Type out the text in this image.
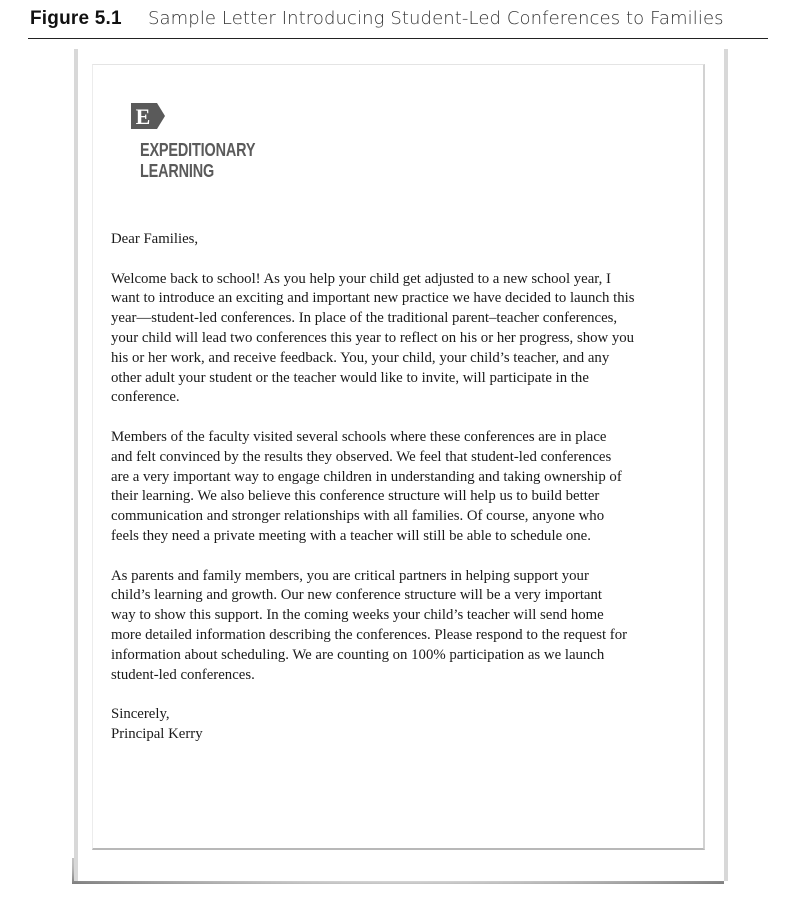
Figure 5.1 Sample Letter Introducing Student-Led Conferences to Families
E
EXPEDITIONARY
LEARNING

Dear Families,

Welcome back to school! As you help your child get adjusted to a new school year, I
want to introduce an exciting and important new practice we have decided to launch this
year—student-led conferences. In place of the traditional parent–teacher conferences,
your child will lead two conferences this year to reflect on his or her progress, show you
his or her work, and receive feedback. You, your child, your child’s teacher, and any
other adult your student or the teacher would like to invite, will participate in the
conference.

Members of the faculty visited several schools where these conferences are in place
and felt convinced by the results they observed. We feel that student-led conferences
are a very important way to engage children in understanding and taking ownership of
their learning. We also believe this conference structure will help us to build better
communication and stronger relationships with all families. Of course, anyone who
feels they need a private meeting with a teacher will still be able to schedule one.

As parents and family members, you are critical partners in helping support your
child’s learning and growth. Our new conference structure will be a very important
way to show this support. In the coming weeks your child’s teacher will send home
more detailed information describing the conferences. Please respond to the request for
information about scheduling. We are counting on 100% participation as we launch
student-led conferences.

Sincerely,

Principal Kerry
